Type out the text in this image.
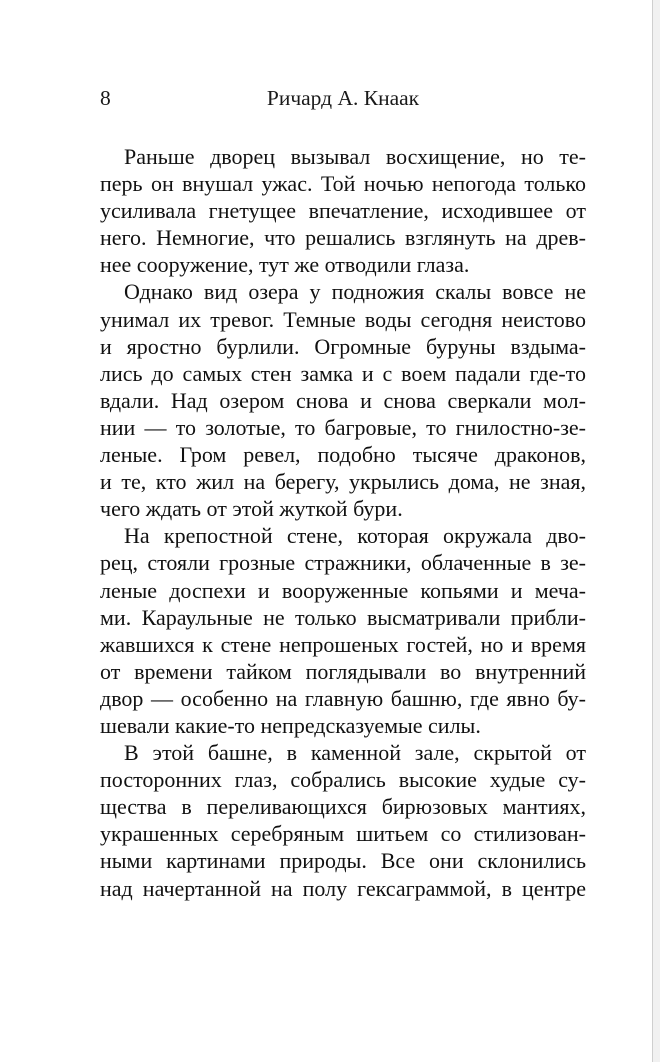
8	Ричард А. Кнаак
Раньше дворец вызывал восхищение, но те-
перь он внушал ужас. Той ночью непогода только
усиливала гнетущее впечатление, исходившее от
него. Немногие, что решались взглянуть на древ-
нее сооружение, тут же отводили глаза.
Однако вид озера у подножия скалы вовсе не
унимал их тревог. Темные воды сегодня неистово
и яростно бурлили. Огромные буруны вздыма-
лись до самых стен замка и с воем падали где-то
вдали. Над озером снова и снова сверкали мол-
нии — то золотые, то багровые, то гнилостно-зе-
леные. Гром ревел, подобно тысяче драконов,
и те, кто жил на берегу, укрылись дома, не зная,
чего ждать от этой жуткой бури.
На крепостной стене, которая окружала дво-
рец, стояли грозные стражники, облаченные в зе-
леные доспехи и вооруженные копьями и меча-
ми. Караульные не только высматривали прибли-
жавшихся к стене непрошеных гостей, но и время
от времени тайком поглядывали во внутренний
двор — особенно на главную башню, где явно бу-
шевали какие-то непредсказуемые силы.
В этой башне, в каменной зале, скрытой от
посторонних глаз, собрались высокие худые су-
щества в переливающихся бирюзовых мантиях,
украшенных серебряным шитьем со стилизован-
ными картинами природы. Все они склонились
над начертанной на полу гексаграммой, в центре
